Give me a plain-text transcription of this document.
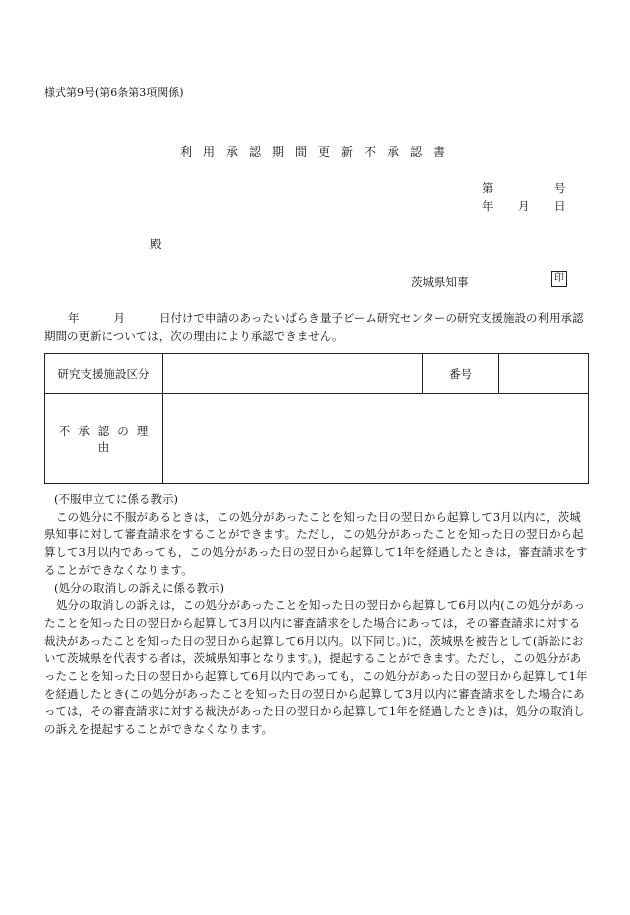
様式第9号(第6条第3項関係)
利用承認期間更新不承認書
第	号
年 月 日
殿
茨城県知事	印
年	月	日付けで申請のあったいばらき量子ビーム研究センターの研究支援施設の利用承認期間の更新については，次の理由により承認できません。
研究支援施設区分		番号	
不承認の理由			

(不服申立てに係る教示)

この処分に不服があるときは，この処分があったことを知った日の翌日から起算して3月以内に，茨城県知事に対して審査請求をすることができます。ただし，この処分があったことを知った日の翌日から起算して3月以内であっても，この処分があった日の翌日から起算して1年を経過したときは，審査請求をすることができなくなります。

(処分の取消しの訴えに係る教示)

処分の取消しの訴えは，この処分があったことを知った日の翌日から起算して6月以内(この処分があったことを知った日の翌日から起算して3月以内に審査請求をした場合にあっては，その審査請求に対する裁決があったことを知った日の翌日から起算して6月以内。以下同じ。)に，茨城県を被告として(訴訟において茨城県を代表する者は，茨城県知事となります。)，提起することができます。ただし，この処分があったことを知った日の翌日から起算して6月以内であっても，この処分があった日の翌日から起算して1年を経過したとき(この処分があったことを知った日の翌日から起算して3月以内に審査請求をした場合にあっては，その審査請求に対する裁決があった日の翌日から起算して1年を経過したとき)は，処分の取消しの訴えを提起することができなくなります。
